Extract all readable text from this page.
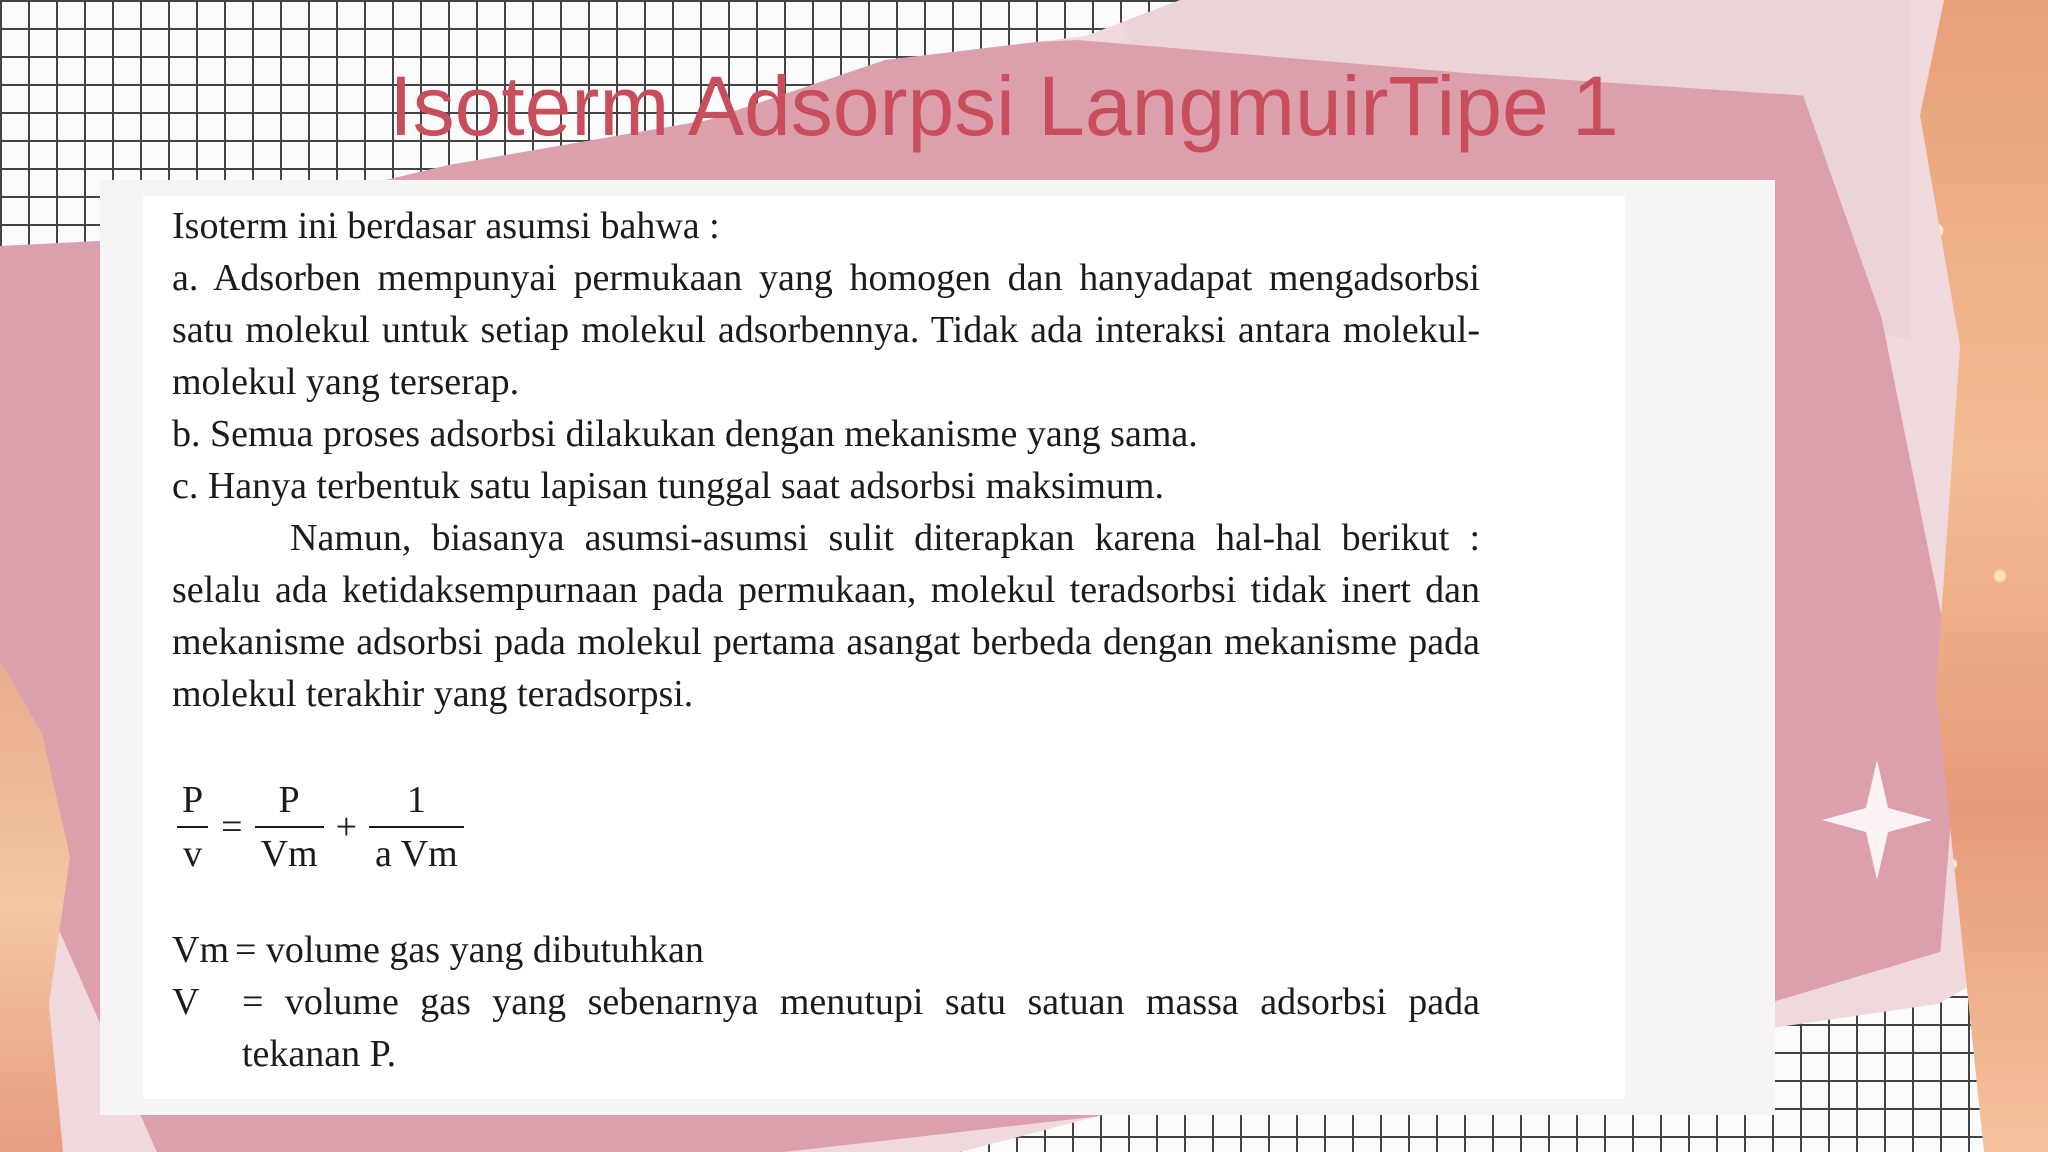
Isoterm Adsorpsi LangmuirTipe 1

Isoterm ini berdasar asumsi bahwa :

a. Adsorben mempunyai permukaan yang homogen dan hanyadapat mengadsorbsi satu molekul untuk setiap molekul adsorbennya. Tidak ada interaksi antara molekul-molekul yang terserap.

b. Semua proses adsorbsi dilakukan dengan mekanisme yang sama.

c. Hanya terbentuk satu lapisan tunggal saat adsorbsi maksimum.

Namun, biasanya asumsi-asumsi sulit diterapkan karena hal-hal berikut : selalu ada ketidaksempurnaan pada permukaan, molekul teradsorbsi tidak inert dan mekanisme adsorbsi pada molekul pertama asangat berbeda dengan mekanisme pada molekul terakhir yang teradsorpsi.

$\frac{P}{v} = \frac{P}{Vm} + \frac{1}{\text{a Vm}}$
Vm = volume gas yang dibutuhkan
V	= volume gas yang sebenarnya menutupi satu satuan massa adsorbsi pada tekanan P.
